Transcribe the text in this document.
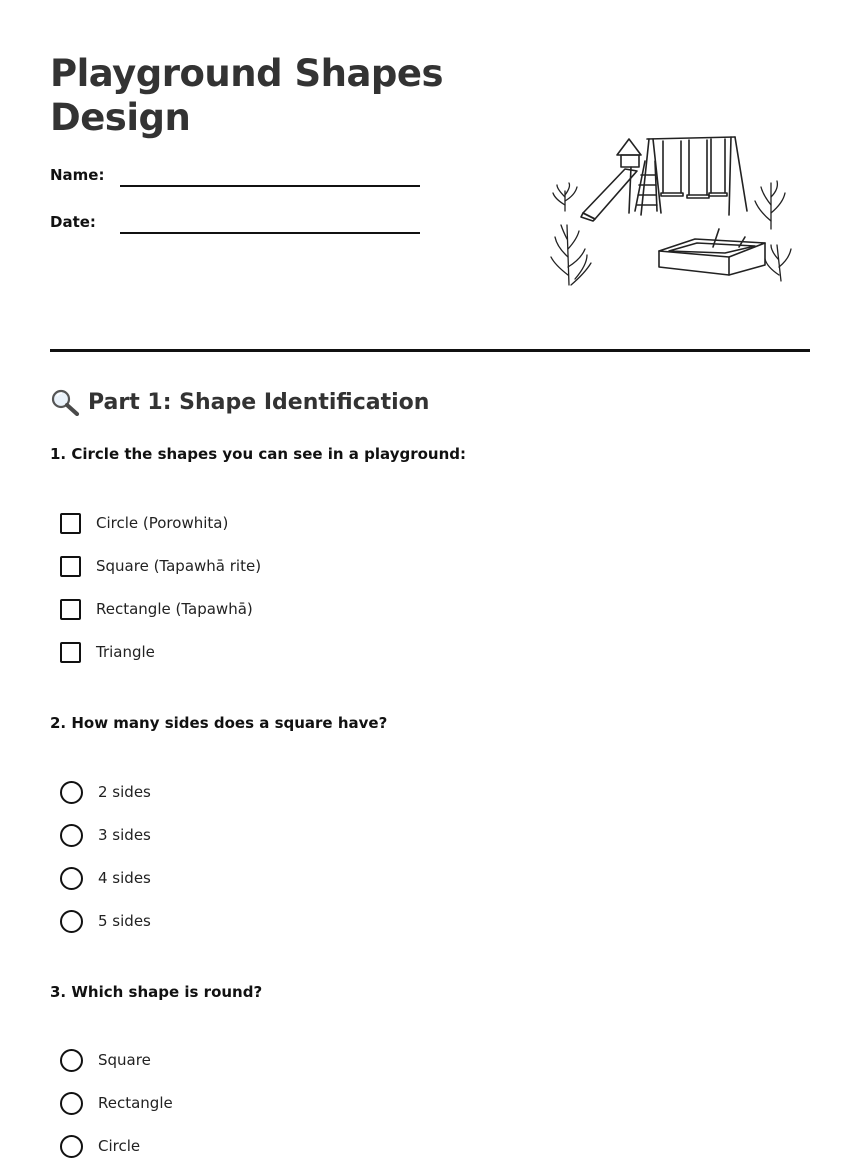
Playground Shapes Design
Name:
Date:
Part 1: Shape Identification
1. Circle the shapes you can see in a playground:
Circle (Porowhita)
Square (Tapawhā rite)
Rectangle (Tapawhā)
Triangle
2. How many sides does a square have?
2 sides
3 sides
4 sides
5 sides
3. Which shape is round?
Square
Rectangle
Circle
